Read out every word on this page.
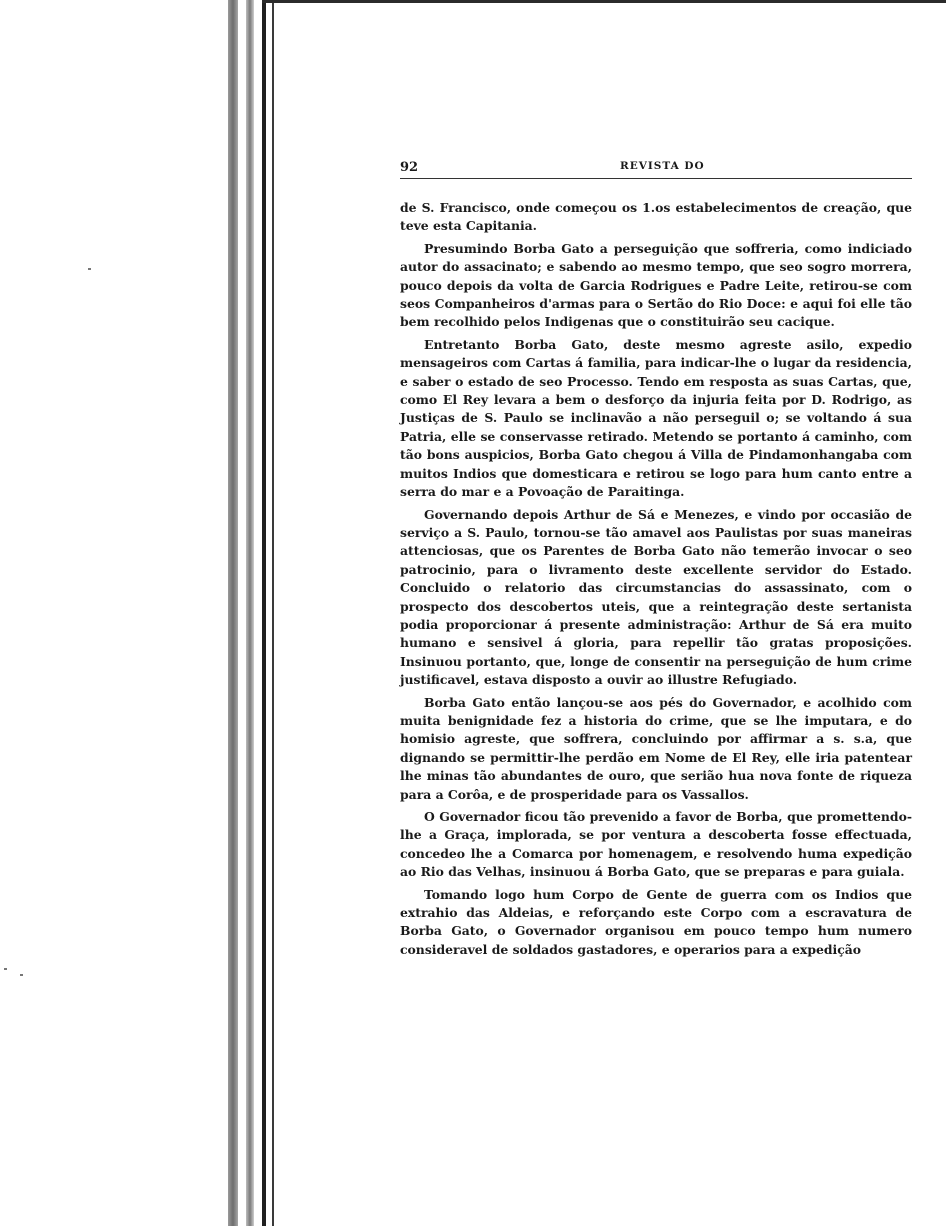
92	REVISTA DO

de S. Francisco, onde começou os 1.os estabelecimentos de creação, que teve esta Capitania.

Presumindo Borba Gato a perseguição que soffreria, como indiciado autor do assacinato; e sabendo ao mesmo tempo, que seo sogro morrera, pouco depois da volta de Garcia Rodrigues e Padre Leite, retirou-se com seos Companheiros d'armas para o Sertão do Rio Doce: e aqui foi elle tão bem recolhido pelos Indigenas que o constituirão seu cacique.

Entretanto Borba Gato, deste mesmo agreste asilo, expedio mensageiros com Cartas á familia, para indicar-lhe o lugar da residencia, e saber o estado de seo Processo. Tendo em resposta as suas Cartas, que, como El Rey levara a bem o desforço da injuria feita por D. Rodrigo, as Justiças de S. Paulo se inclinavão a não perseguil o; se voltando á sua Patria, elle se conservasse retirado. Metendo se portanto á caminho, com tão bons auspicios, Borba Gato chegou á Villa de Pindamonhangaba com muitos Indios que domesticara e retirou se logo para hum canto entre a serra do mar e a Povoação de Paraitinga.

Governando depois Arthur de Sá e Menezes, e vindo por occasião de serviço a S. Paulo, tornou-se tão amavel aos Paulistas por suas maneiras attenciosas, que os Parentes de Borba Gato não temerão invocar o seo patrocinio, para o livramento deste excellente servidor do Estado. Concluido o relatorio das circumstancias do assassinato, com o prospecto dos descobertos uteis, que a reintegração deste sertanista podia proporcionar á presente administração: Arthur de Sá era muito humano e sensivel á gloria, para repellir tão gratas proposições. Insinuou portanto, que, longe de consentir na perseguição de hum crime justificavel, estava disposto a ouvir ao illustre Refugiado.

Borba Gato então lançou-se aos pés do Governador, e acolhido com muita benignidade fez a historia do crime, que se lhe imputara, e do homisio agreste, que soffrera, concluindo por affirmar a s. s.a, que dignando se permittir-lhe perdão em Nome de El Rey, elle iria patentear lhe minas tão abundantes de ouro, que serião hua nova fonte de riqueza para a Corôa, e de prosperidade para os Vassallos.

O Governador ficou tão prevenido a favor de Borba, que promettendo-lhe a Graça, implorada, se por ventura a descoberta fosse effectuada, concedeo lhe a Comarca por homenagem, e resolvendo huma expedição ao Rio das Velhas, insinuou á Borba Gato, que se preparas e para guiala.

Tomando logo hum Corpo de Gente de guerra com os Indios que extrahio das Aldeias, e reforçando este Corpo com a escravatura de Borba Gato, o Governador organisou em pouco tempo hum numero consideravel de soldados gastadores, e operarios para a expedição
